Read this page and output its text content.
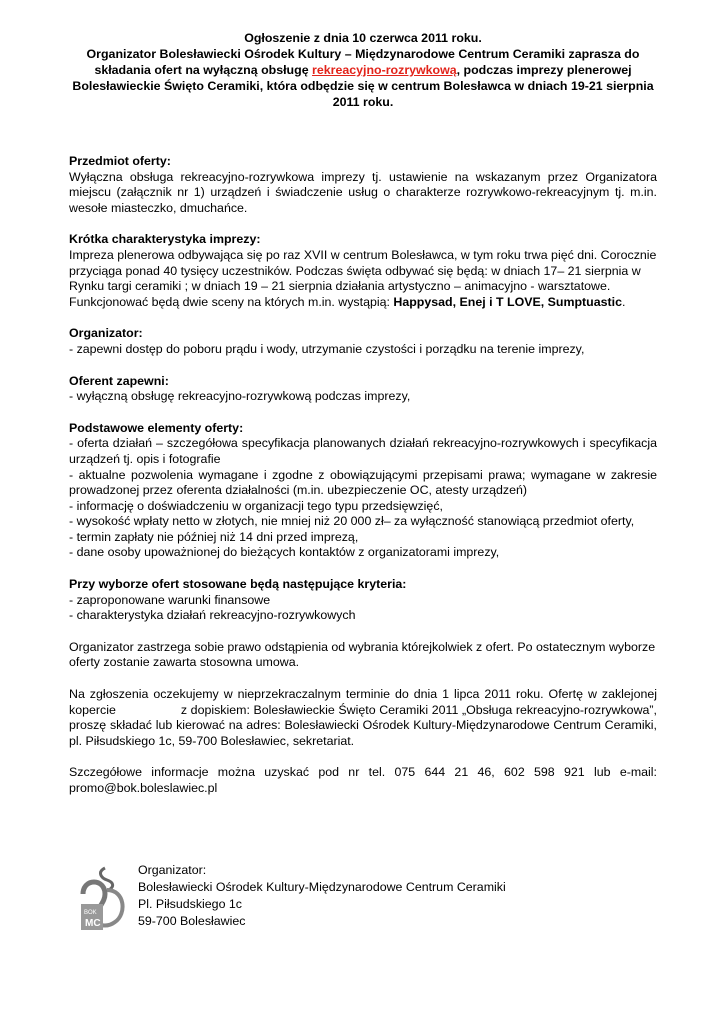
Ogłoszenie z dnia 10 czerwca 2011 roku.

Organizator Bolesławiecki Ośrodek Kultury – Międzynarodowe Centrum Ceramiki zaprasza do składania ofert na wyłączną obsługę rekreacyjno-rozrywkową, podczas imprezy plenerowej Bolesławieckie Święto Ceramiki, która odbędzie się w centrum Bolesławca w dniach 19-21 sierpnia 2011 roku.

Przedmiot oferty:

Wyłączna obsługa rekreacyjno-rozrywkowa imprezy tj. ustawienie na wskazanym przez Organizatora miejscu (załącznik nr 1) urządzeń i świadczenie usług o charakterze rozrywkowo-rekreacyjnym tj. m.in. wesołe miasteczko, dmuchańce.

Krótka charakterystyka imprezy:

Impreza plenerowa odbywająca się po raz XVII w centrum Bolesławca, w tym roku trwa pięć dni. Corocznie

przyciąga ponad 40 tysięcy uczestników. Podczas święta odbywać się będą: w dniach 17– 21 sierpnia w

Rynku targi ceramiki ; w dniach 19 – 21 sierpnia działania artystyczno – animacyjno - warsztatowe.

Funkcjonować będą dwie sceny na których m.in. wystąpią: Happysad, Enej i T LOVE, Sumptuastic.

Organizator:

- zapewni dostęp do poboru prądu i wody, utrzymanie czystości i porządku na terenie imprezy,

Oferent zapewni:

- wyłączną obsługę rekreacyjno-rozrywkową podczas imprezy,

Podstawowe elementy oferty:

- oferta działań – szczegółowa specyfikacja planowanych działań rekreacyjno-rozrywkowych i specyfikacja urządzeń tj. opis i fotografie

- aktualne pozwolenia wymagane i zgodne z obowiązującymi przepisami prawa; wymagane w zakresie prowadzonej przez oferenta działalności (m.in. ubezpieczenie OC, atesty urządzeń)

- informację o doświadczeniu w organizacji tego typu przedsięwzięć,

- wysokość wpłaty netto w złotych, nie mniej niż 20 000 zł– za wyłączność stanowiącą przedmiot oferty,

- termin zapłaty nie później niż 14 dni przed imprezą,

- dane osoby upoważnionej do bieżących kontaktów z organizatorami imprezy,

Przy wyborze ofert stosowane będą następujące kryteria:

- zaproponowane warunki finansowe

- charakterystyka działań rekreacyjno-rozrywkowych

Organizator zastrzega sobie prawo odstąpienia od wybrania którejkolwiek z ofert. Po ostatecznym wyborze

oferty zostanie zawarta stosowna umowa.

Na zgłoszenia oczekujemy w nieprzekraczalnym terminie do dnia 1 lipca 2011 roku. Ofertę w zaklejonej kopercie                  z dopiskiem: Bolesławieckie Święto Ceramiki 2011 „Obsługa rekreacyjno-rozrywkowa”, proszę składać lub kierować na adres: Bolesławiecki Ośrodek Kultury-Międzynarodowe Centrum Ceramiki, pl. Piłsudskiego 1c, 59-700 Bolesławiec, sekretariat.

Szczegółowe informacje można uzyskać pod nr tel. 075 644 21 46, 602 598 921 lub e-mail: promo@bok.boleslawiec.pl

BOK
MC

Organizator:

Bolesławiecki Ośrodek Kultury-Międzynarodowe Centrum Ceramiki

Pl. Piłsudskiego 1c

59-700 Bolesławiec
